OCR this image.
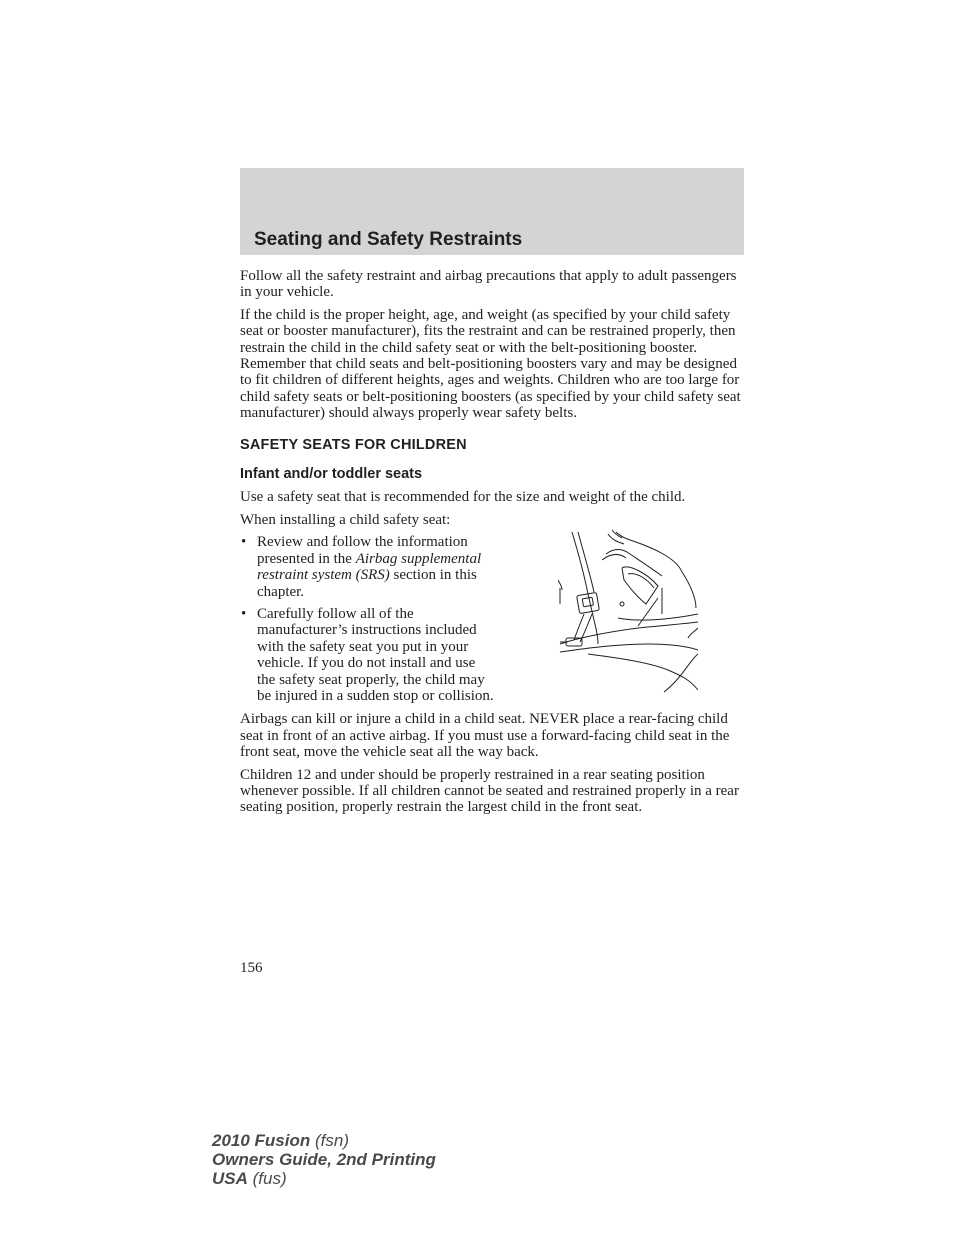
Seating and Safety Restraints

Follow all the safety restraint and airbag precautions that apply to adult passengers in your vehicle.

If the child is the proper height, age, and weight (as specified by your child safety seat or booster manufacturer), fits the restraint and can be restrained properly, then restrain the child in the child safety seat or with the belt-positioning booster. Remember that child seats and belt-positioning boosters vary and may be designed to fit children of different heights, ages and weights. Children who are too large for child safety seats or belt-positioning boosters (as specified by your child safety seat manufacturer) should always properly wear safety belts.

SAFETY SEATS FOR CHILDREN
Infant and/or toddler seats

Use a safety seat that is recommended for the size and weight of the child.

When installing a child safety seat:

• Review and follow the information presented in the Airbag supplemental restraint system (SRS) section in this chapter.
• Carefully follow all of the manufacturer’s instructions included with the safety seat you put in your vehicle. If you do not install and use the safety seat properly, the child may be injured in a sudden stop or collision.

Airbags can kill or injure a child in a child seat. NEVER place a rear-facing child seat in front of an active airbag. If you must use a forward-facing child seat in the front seat, move the vehicle seat all the way back.

Children 12 and under should be properly restrained in a rear seating position whenever possible. If all children cannot be seated and restrained properly in a rear seating position, properly restrain the largest child in the front seat.

156
2010 Fusion (fsn)
Owners Guide, 2nd Printing
USA (fus)
